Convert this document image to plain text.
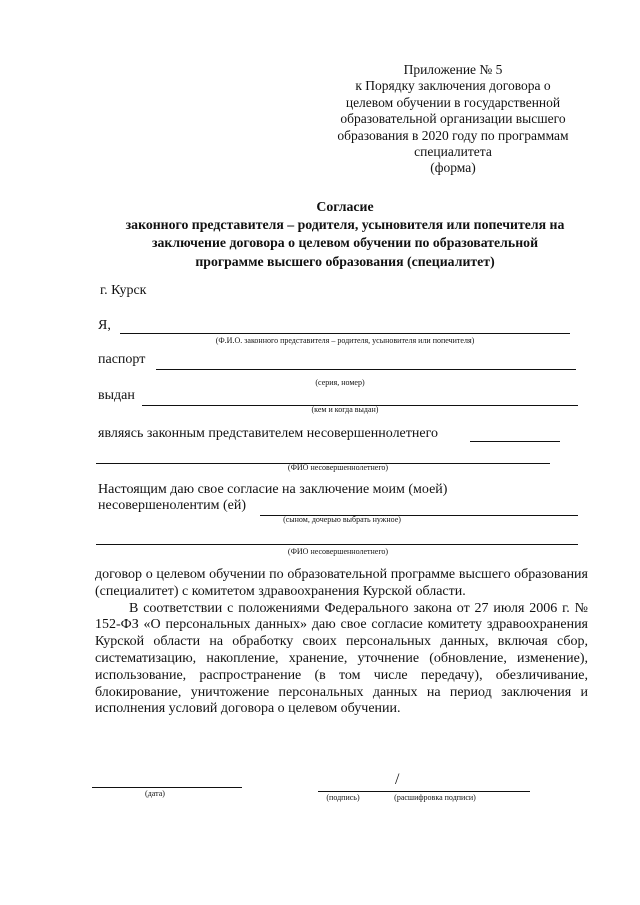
Приложение № 5
к Порядку заключения договора о
целевом обучении в государственной
образовательной организации высшего
образования в 2020 году по программам
специалитета
(форма)
Согласие
законного представителя – родителя, усыновителя или попечителя на
заключение договора о целевом обучении по образовательной
программе высшего образования (специалитет)
г. Курск
Я,
(Ф.И.О. законного представителя – родителя, усыновителя или попечителя)
паспорт
(серия, номер)
выдан
(кем и когда выдан)
являясь законным представителем несовершеннолетнего
(ФИО несовершеннолетнего)
Настоящим даю свое согласие на заключение моим (моей)
несовершенолентим (ей)
(сыном, дочерью выбрать нужное)
(ФИО несовершеннолетнего)

договор о целевом обучении по образовательной программе высшего образования (специалитет) с комитетом здравоохранения Курской области.

В соответствии с положениями Федерального закона от 27 июля 2006 г. № 152-ФЗ «О персональных данных» даю свое согласие комитету здравоохранения Курской области на обработку своих персональных данных, включая сбор, систематизацию, накопление, хранение, уточнение (обновление, изменение), использование, распространение (в том числе передачу), обезличивание, блокирование, уничтожение персональных данных на период заключения и исполнения условий договора о целевом обучении.

(дата)
/
(подпись)	(расшифровка подписи)
